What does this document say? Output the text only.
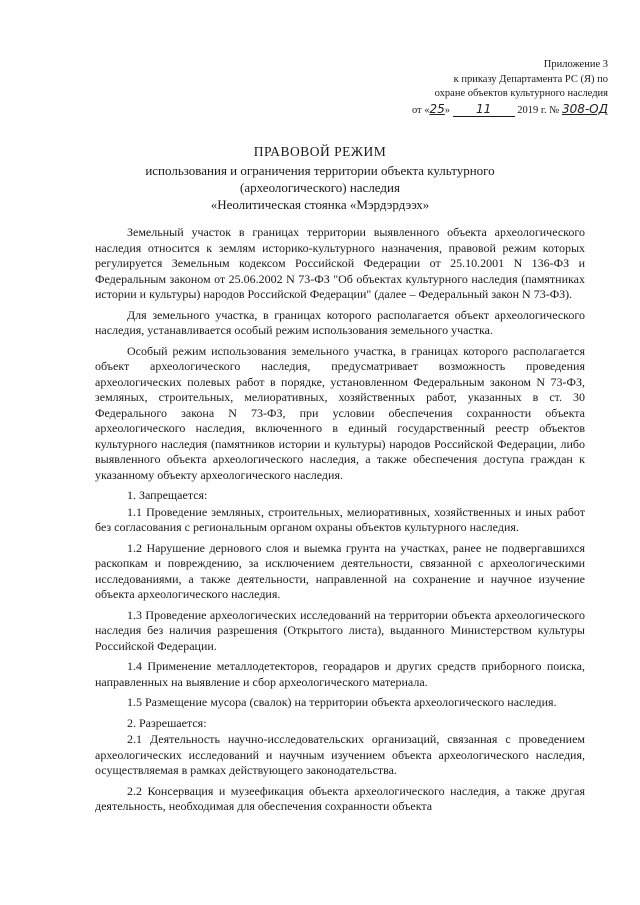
Приложение 3
к приказу Департамента РС (Я) по
охране объектов культурного наследия
от «25» 11 2019 г. № 308-ОД
ПРАВОВОЙ РЕЖИМ
использования и ограничения территории объекта культурного
(археологического) наследия
«Неолитическая стоянка «Мэрдэрдээх»

Земельный участок в границах территории выявленного объекта археологического наследия относится к землям историко-культурного назначения, правовой режим которых регулируется Земельным кодексом Российской Федерации от 25.10.2001 N 136-ФЗ и Федеральным законом от 25.06.2002 N 73-ФЗ "Об объектах культурного наследия (памятниках истории и культуры) народов Российской Федерации" (далее – Федеральный закон N 73-ФЗ).

Для земельного участка, в границах которого располагается объект археологического наследия, устанавливается особый режим использования земельного участка.

Особый режим использования земельного участка, в границах которого располагается объект археологического наследия, предусматривает возможность проведения археологических полевых работ в порядке, установленном Федеральным законом N 73-ФЗ, земляных, строительных, мелиоративных, хозяйственных работ, указанных в ст. 30 Федерального закона N 73-ФЗ, при условии обеспечения сохранности объекта археологического наследия, включенного в единый государственный реестр объектов культурного наследия (памятников истории и культуры) народов Российской Федерации, либо выявленного объекта археологического наследия, а также обеспечения доступа граждан к указанному объекту археологического наследия.

1. Запрещается:

1.1 Проведение земляных, строительных, мелиоративных, хозяйственных и иных работ без согласования с региональным органом охраны объектов культурного наследия.

1.2 Нарушение дернового слоя и выемка грунта на участках, ранее не подвергавшихся раскопкам и повреждению, за исключением деятельности, связанной с археологическими исследованиями, а также деятельности, направленной на сохранение и научное изучение объекта археологического наследия.

1.3 Проведение археологических исследований на территории объекта археологического наследия без наличия разрешения (Открытого листа), выданного Министерством культуры Российской Федерации.

1.4 Применение металлодетекторов, георадаров и других средств приборного поиска, направленных на выявление и сбор археологического материала.

1.5 Размещение мусора (свалок) на территории объекта археологического наследия.

2. Разрешается:

2.1 Деятельность научно-исследовательских организаций, связанная с проведением археологических исследований и научным изучением объекта археологического наследия, осуществляемая в рамках действующего законодательства.

2.2 Консервация и музеефикация объекта археологического наследия, а также другая деятельность, необходимая для обеспечения сохранности объекта
